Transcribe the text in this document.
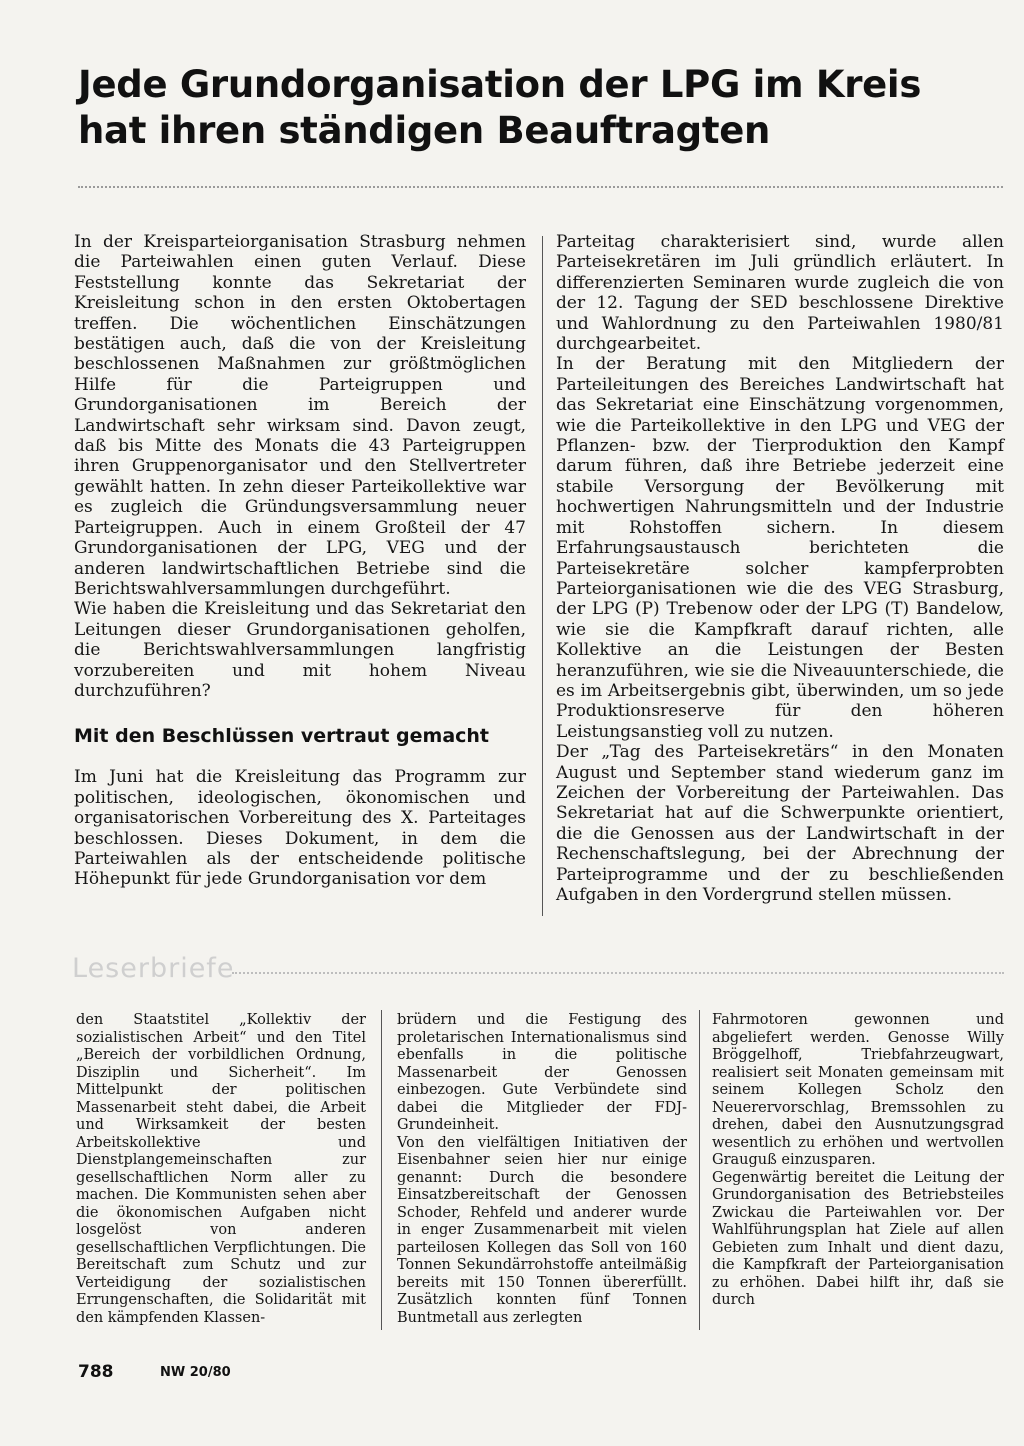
Jede Grundorganisation der LPG im Kreis
hat ihren ständigen Beauftragten

In der Kreisparteiorganisation Strasburg nehmen die Parteiwahlen einen guten Verlauf. Diese Feststellung konnte das Sekretariat der Kreisleitung schon in den ersten Oktobertagen treffen. Die wöchentlichen Einschätzungen bestätigen auch, daß die von der Kreisleitung beschlossenen Maßnahmen zur größtmöglichen Hilfe für die Parteigruppen und Grundorganisationen im Bereich der Landwirtschaft sehr wirksam sind. Davon zeugt, daß bis Mitte des Monats die 43 Parteigruppen ihren Gruppenorganisator und den Stellvertreter gewählt hatten. In zehn dieser Parteikollektive war es zugleich die Gründungsversammlung neuer Parteigruppen. Auch in einem Großteil der 47 Grundorganisationen der LPG, VEG und der anderen landwirtschaftlichen Betriebe sind die Berichtswahlversammlungen durchgeführt.

Wie haben die Kreisleitung und das Sekretariat den Leitungen dieser Grundorganisationen geholfen, die Berichtswahlversammlungen langfristig vorzubereiten und mit hohem Niveau durchzuführen?

Mit den Beschlüssen vertraut gemacht

Im Juni hat die Kreisleitung das Programm zur politischen, ideologischen, ökonomischen und organisatorischen Vorbereitung des X. Parteitages beschlossen. Dieses Dokument, in dem die Parteiwahlen als der entscheidende politische Höhepunkt für jede Grundorganisation vor dem

Parteitag charakterisiert sind, wurde allen Parteisekretären im Juli gründlich erläutert. In differenzierten Seminaren wurde zugleich die von der 12. Tagung der SED beschlossene Direktive und Wahlordnung zu den Parteiwahlen 1980/81 durchgearbeitet.

In der Beratung mit den Mitgliedern der Parteileitungen des Bereiches Landwirtschaft hat das Sekretariat eine Einschätzung vorgenommen, wie die Parteikollektive in den LPG und VEG der Pflanzen- bzw. der Tierproduktion den Kampf darum führen, daß ihre Betriebe jederzeit eine stabile Versorgung der Bevölkerung mit hochwertigen Nahrungsmitteln und der Industrie mit Rohstoffen sichern. In diesem Erfahrungsaustausch berichteten die Parteisekretäre solcher kampferprobten Parteiorganisationen wie die des VEG Strasburg, der LPG (P) Trebenow oder der LPG (T) Bandelow, wie sie die Kampfkraft darauf richten, alle Kollektive an die Leistungen der Besten heranzuführen, wie sie die Niveauunterschiede, die es im Arbeitsergebnis gibt, überwinden, um so jede Produktionsreserve für den höheren Leistungsanstieg voll zu nutzen.

Der „Tag des Parteisekretärs“ in den Monaten August und September stand wiederum ganz im Zeichen der Vorbereitung der Parteiwahlen. Das Sekretariat hat auf die Schwerpunkte orientiert, die die Genossen aus der Landwirtschaft in der Rechenschaftslegung, bei der Abrechnung der Parteiprogramme und der zu beschließenden Aufgaben in den Vordergrund stellen müssen.

Leserbriefe

den Staatstitel „Kollektiv der sozialistischen Arbeit“ und den Titel „Bereich der vorbildlichen Ordnung, Disziplin und Sicherheit“. Im Mittelpunkt der politischen Massenarbeit steht dabei, die Arbeit und Wirksamkeit der besten Arbeitskollektive und Dienstplangemeinschaften zur gesellschaftlichen Norm aller zu machen. Die Kommunisten sehen aber die ökonomischen Aufgaben nicht losgelöst von anderen gesellschaftlichen Verpflichtungen. Die Bereitschaft zum Schutz und zur Verteidigung der sozialistischen Errungenschaften, die Solidarität mit den kämpfenden Klassen-

brüdern und die Festigung des proletarischen Internationalismus sind ebenfalls in die politische Massenarbeit der Genossen einbezogen. Gute Verbündete sind dabei die Mitglieder der FDJ-Grundeinheit.

Von den vielfältigen Initiativen der Eisenbahner seien hier nur einige genannt: Durch die besondere Einsatzbereitschaft der Genossen Schoder, Rehfeld und anderer wurde in enger Zusammenarbeit mit vielen parteilosen Kollegen das Soll von 160 Tonnen Sekundärrohstoffe anteilmäßig bereits mit 150 Tonnen übererfüllt. Zusätzlich konnten fünf Tonnen Buntmetall aus zerlegten

Fahrmotoren gewonnen und abgeliefert werden. Genosse Willy Bröggelhoff, Triebfahrzeugwart, realisiert seit Monaten gemeinsam mit seinem Kollegen Scholz den Neuerervorschlag, Bremssohlen zu drehen, dabei den Ausnutzungsgrad wesentlich zu erhöhen und wertvollen Grauguß einzusparen.

Gegenwärtig bereitet die Leitung der Grundorganisation des Betriebsteiles Zwickau die Parteiwahlen vor. Der Wahlführungsplan hat Ziele auf allen Gebieten zum Inhalt und dient dazu, die Kampfkraft der Parteiorganisation zu erhöhen. Dabei hilft ihr, daß sie durch

788	NW 20/80
